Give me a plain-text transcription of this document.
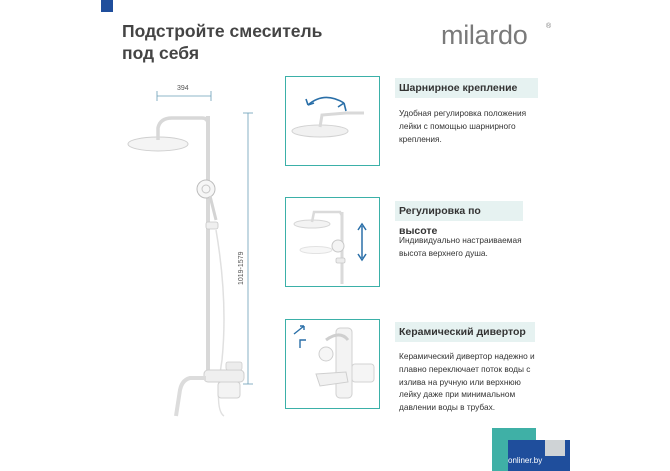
Подстройте смеситель
под себя
milardo	®
394
1019-1579
Шарнирное крепление
Удобная регулировка положения
лейки с помощью шарнирного
крепления.
Регулировка по высоте
Индивидуально настраиваемая
высота верхнего душа.
Керамический дивертор
Керамический дивертор надежно и
плавно переключает поток воды с
излива на ручную или верхнюю
лейку даже при минимальном
давлении воды в трубах.
onliner.by
